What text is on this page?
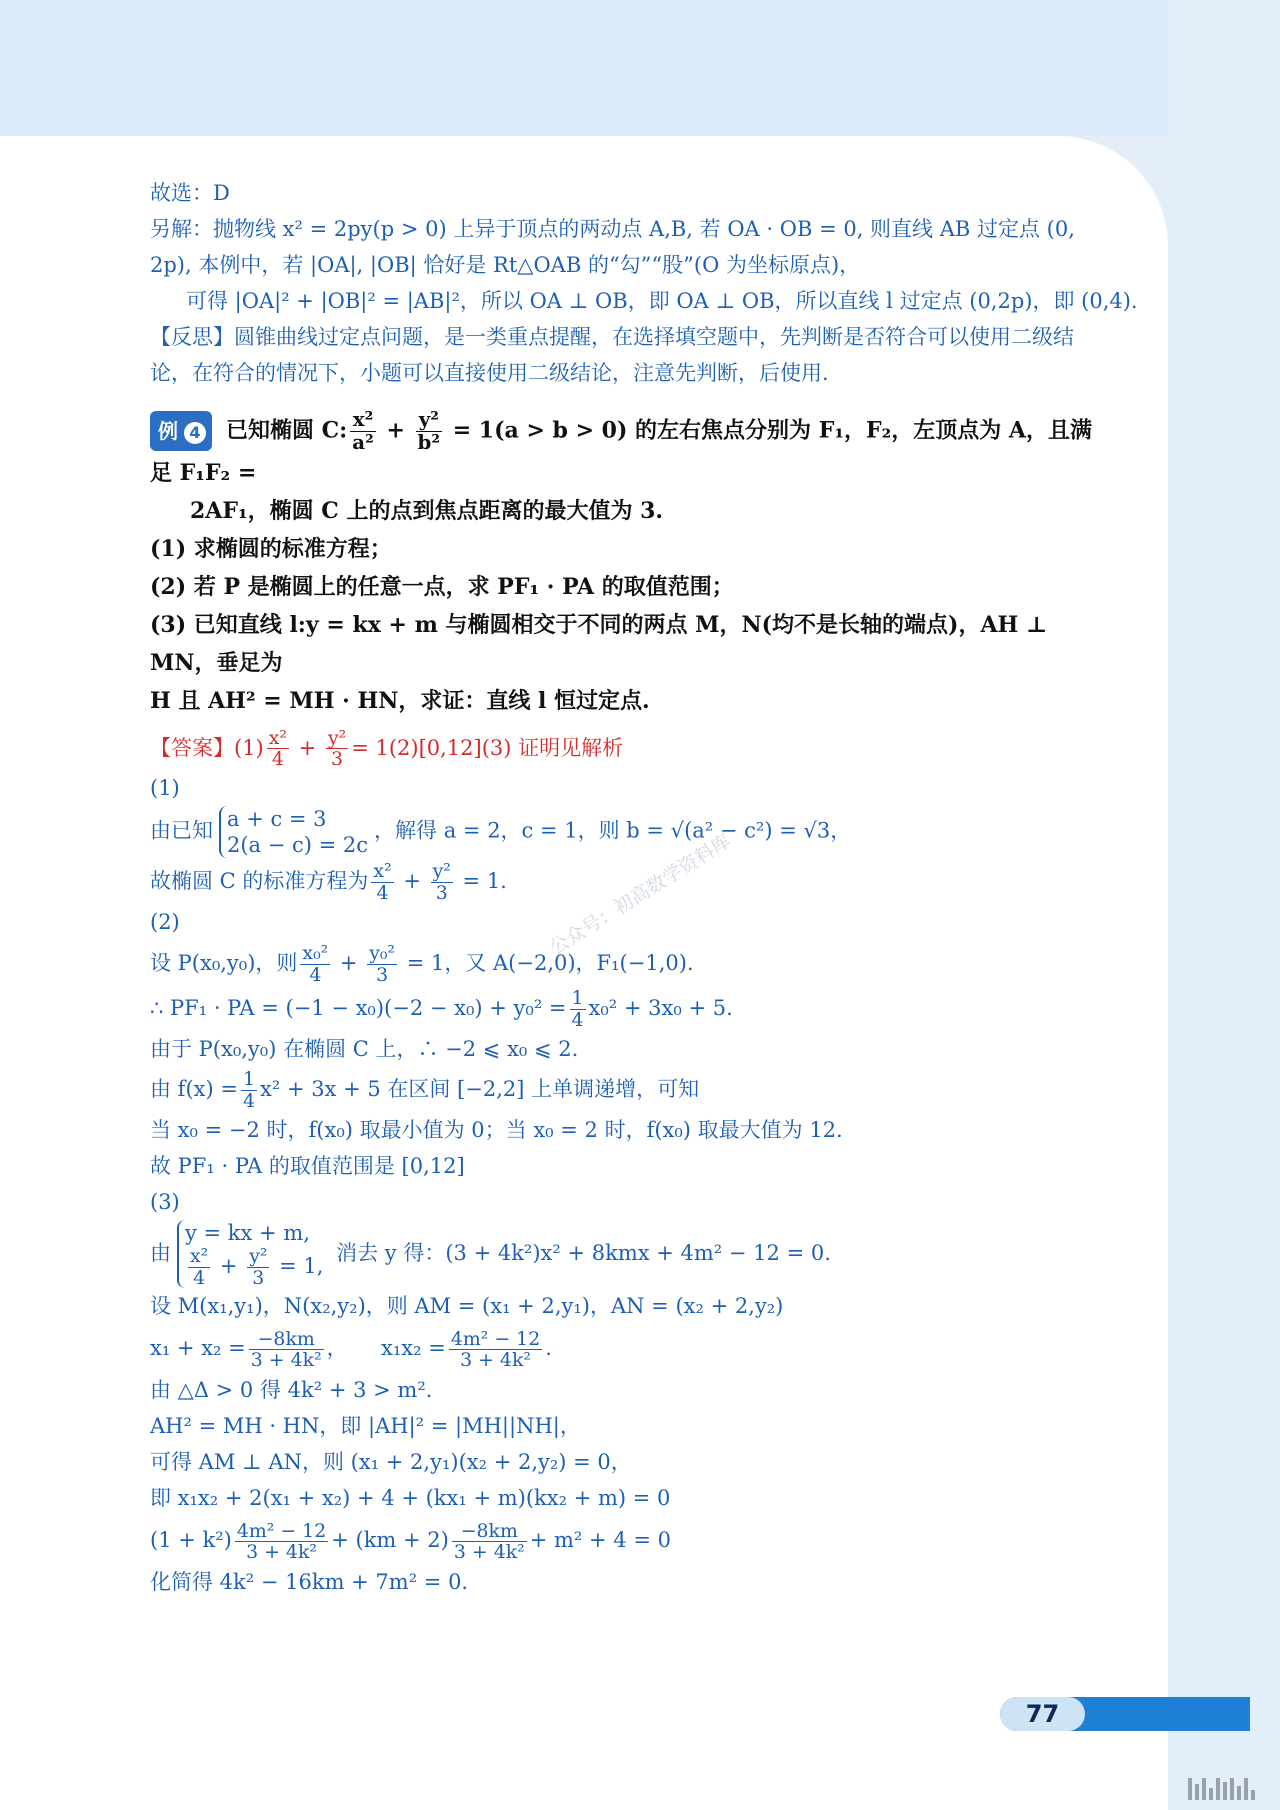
故选：D
另解：抛物线 x² = 2py(p > 0) 上异于顶点的两动点 A,B, 若 OA · OB = 0, 则直线 AB 过定点 (0,
2p), 本例中，若 |OA|, |OB| 恰好是 Rt△OAB 的“勾”“股”(O 为坐标原点)，
可得 |OA|² + |OB|² = |AB|²，所以 OA ⊥ OB，即 OA ⊥ OB，所以直线 l 过定点 (0,2p)，即 (0,4).
【反思】圆锥曲线过定点问题，是一类重点提醒，在选择填空题中，先判断是否符合可以使用二级结论，在符合的情况下，小题可以直接使用二级结论，注意先判断，后使用.
例 4 已知椭圆 C: $\frac{\text{x²}}{\text{a²}} + \frac{\text{y²}}{\text{b²}} = 1(a > b > 0)$ 的左右焦点分别为 F₁，F₂，左顶点为 A，且满足 F₁F₂ =
2AF₁，椭圆 C 上的点到焦点距离的最大值为 3.
(1) 求椭圆的标准方程；
(2) 若 P 是椭圆上的任意一点，求 PF₁ · PA 的取值范围；
(3) 已知直线 l:y = kx + m 与椭圆相交于不同的两点 M，N(均不是长轴的端点)，AH ⊥ MN，垂足为
H 且 AH² = MH · HN，求证：直线 l 恒过定点.
【答案】$(1) \frac{\text{x²}}{4} + \frac{\text{y²}}{3} = 1(2)[0,12](3)$ 证明见解析
(1)
由已知 a + c = 3
2(a − c) = 2c
，解得 a = 2，c = 1，则 b = √(a² − c²) = √3，
故椭圆 C 的标准方程为 $\frac{\text{x²}}{4} + \frac{\text{y²}}{3} = 1$.
(2)
设 P(x₀,y₀)，则 $\frac{\text{x₀²}}{4} + \frac{\text{y₀²}}{3} = 1$，又 A(−2,0)，F₁(−1,0).
∴ PF₁ · PA = $(-1 - x_0)(-2 - x_0) + y_0^2 = \frac{1}{4} x_0^2 + 3x_0 + 5$.
由于 P(x₀,y₀) 在椭圆 C 上，∴ −2 ⩽ x₀ ⩽ 2.
由 $f(x) = \frac{1}{4} x^2 + 3x + 5$ 在区间 [−2,2] 上单调递增，可知
当 x₀ = −2 时，f(x₀) 取最小值为 0；当 x₀ = 2 时，f(x₀) 取最大值为 12.
故 PF₁ · PA 的取值范围是 [0,12]
(3)
由
y = kx + m,
$\frac{\text{x²}}{4} + \frac{\text{y²}}{3} = 1$,
消去 y 得：(3 + 4k²)x² + 8kmx + 4m² − 12 = 0.
设 M(x₁,y₁)，N(x₂,y₂)，则 AM = (x₁ + 2,y₁)，AN = (x₂ + 2,y₂)
$x_1 + x_2 = \frac{-8km}{\text{3 + 4k²}}$ ，     $x_1x_2 = \frac{\text{4m² − 12}}{\text{3 + 4k²}}$ .
由 △Δ > 0 得 4k² + 3 > m².
AH² = MH · HN，即 |AH|² = |MH||NH|，
可得 AM ⊥ AN，则 (x₁ + 2,y₁)(x₂ + 2,y₂) = 0，
即 x₁x₂ + 2(x₁ + x₂) + 4 + (kx₁ + m)(kx₂ + m) = 0
$(1 + k^2) \frac{\text{4m² − 12}}{\text{3 + 4k²}} + (km + 2) \frac{-8km}{\text{3 + 4k²}} + m^2 + 4 = 0$
化简得 4k² − 16km + 7m² = 0.
公众号：初高数学资料库
77
